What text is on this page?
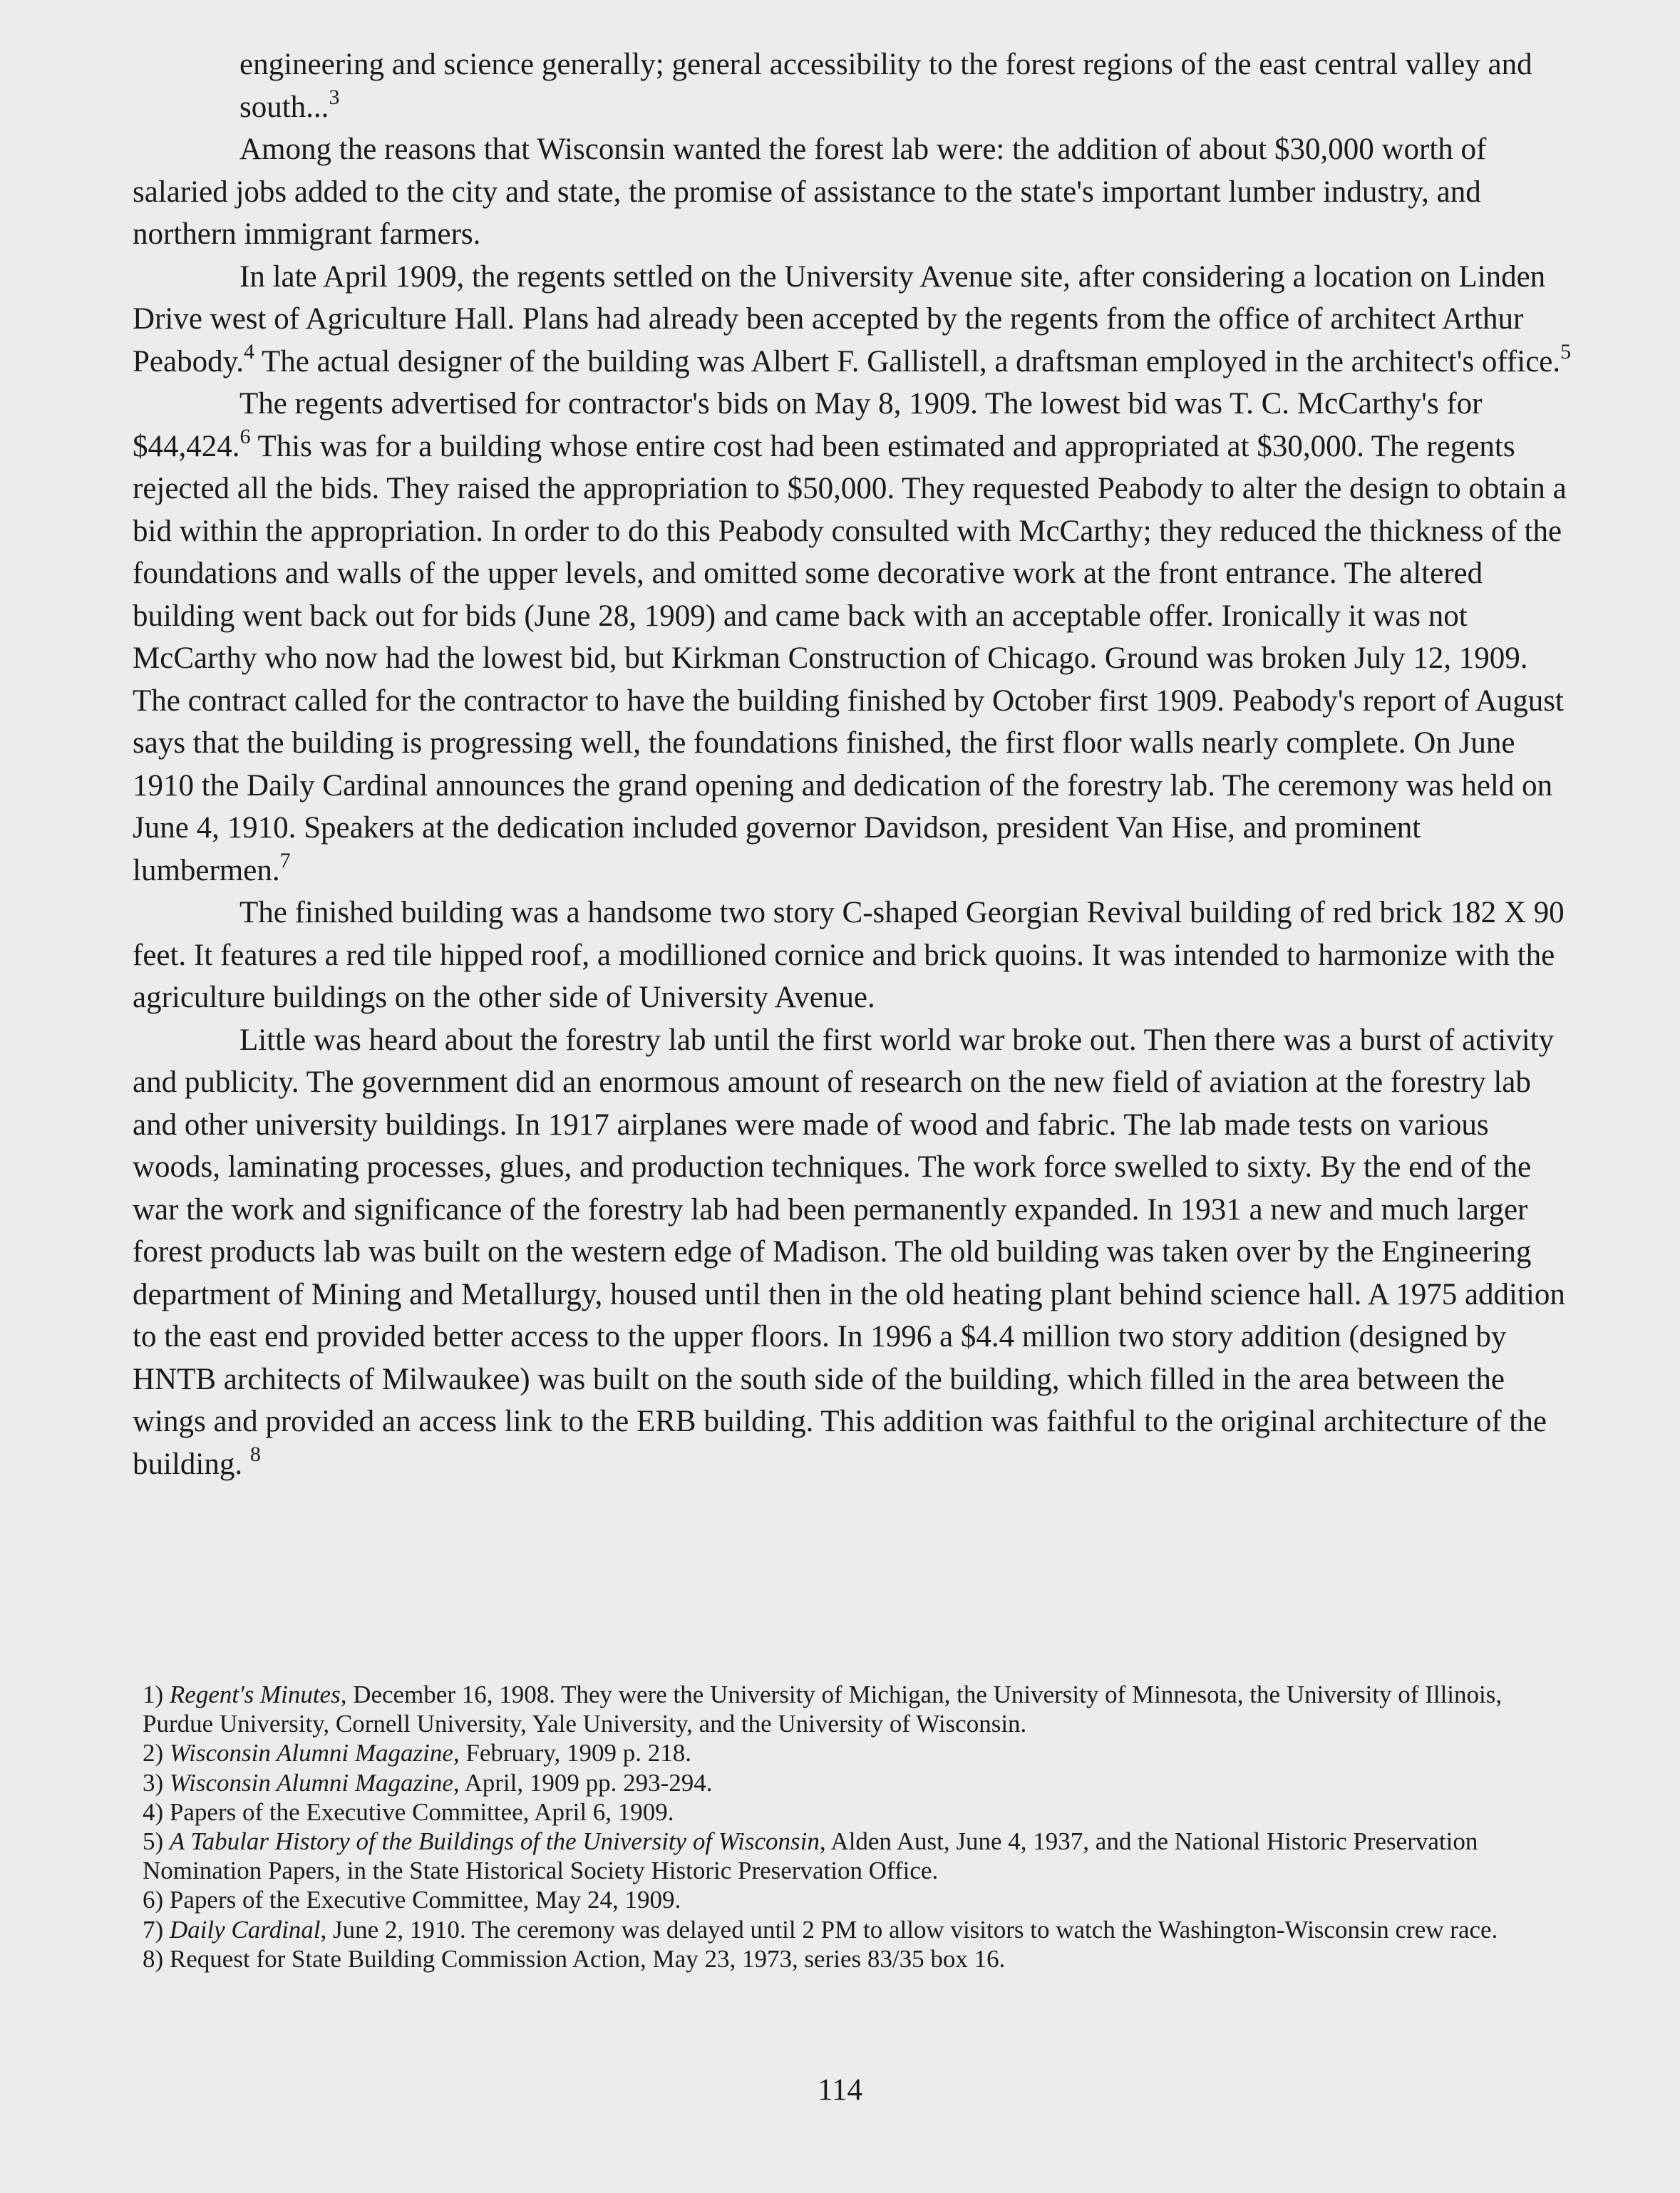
engineering and science generally; general accessibility to the forest regions of the east central valley and south...$^3$

Among the reasons that Wisconsin wanted the forest lab were: the addition of about $30,000 worth of salaried jobs added to the city and state, the promise of assistance to the state's important lumber industry, and northern immigrant farmers.

In late April 1909, the regents settled on the University Avenue site, after considering a location on Linden Drive west of Agriculture Hall. Plans had already been accepted by the regents from the office of architect Arthur Peabody.$^4$ The actual designer of the building was Albert F. Gallistell, a draftsman employed in the architect's office.$^5$

The regents advertised for contractor's bids on May 8, 1909. The lowest bid was T. C. McCarthy's for $44,424.$^6$ This was for a building whose entire cost had been estimated and appropriated at $30,000. The regents rejected all the bids. They raised the appropriation to $50,000. They requested Peabody to alter the design to obtain a bid within the appropriation. In order to do this Peabody consulted with McCarthy; they reduced the thickness of the foundations and walls of the upper levels, and omitted some decorative work at the front entrance. The altered building went back out for bids (June 28, 1909) and came back with an acceptable offer. Ironically it was not McCarthy who now had the lowest bid, but Kirkman Construction of Chicago. Ground was broken July 12, 1909. The contract called for the contractor to have the building finished by October first 1909. Peabody's report of August says that the building is progressing well, the foundations finished, the first floor walls nearly complete. On June 1910 the Daily Cardinal announces the grand opening and dedication of the forestry lab. The ceremony was held on June 4, 1910. Speakers at the dedication included governor Davidson, president Van Hise, and prominent lumbermen.$^7$

The finished building was a handsome two story C-shaped Georgian Revival building of red brick 182 X 90 feet. It features a red tile hipped roof, a modillioned cornice and brick quoins. It was intended to harmonize with the agriculture buildings on the other side of University Avenue.

Little was heard about the forestry lab until the first world war broke out. Then there was a burst of activity and publicity. The government did an enormous amount of research on the new field of aviation at the forestry lab and other university buildings. In 1917 airplanes were made of wood and fabric. The lab made tests on various woods, laminating processes, glues, and production techniques. The work force swelled to sixty. By the end of the war the work and significance of the forestry lab had been permanently expanded. In 1931 a new and much larger forest products lab was built on the western edge of Madison. The old building was taken over by the Engineering department of Mining and Metallurgy, housed until then in the old heating plant behind science hall. A 1975 addition to the east end provided better access to the upper floors. In 1996 a $4.4 million two story addition (designed by HNTB architects of Milwaukee) was built on the south side of the building, which filled in the area between the wings and provided an access link to the ERB building. This addition was faithful to the original architecture of the building. $^8$

1) Regent's Minutes, December 16, 1908. They were the University of Michigan, the University of Minnesota, the University of Illinois, Purdue University, Cornell University, Yale University, and the University of Wisconsin.

2) Wisconsin Alumni Magazine, February, 1909 p. 218.

3) Wisconsin Alumni Magazine, April, 1909 pp. 293-294.

4) Papers of the Executive Committee, April 6, 1909.

5) A Tabular History of the Buildings of the University of Wisconsin, Alden Aust, June 4, 1937, and the National Historic Preservation Nomination Papers, in the State Historical Society Historic Preservation Office.

6) Papers of the Executive Committee, May 24, 1909.

7) Daily Cardinal, June 2, 1910. The ceremony was delayed until 2 PM to allow visitors to watch the Washington-Wisconsin crew race.

8) Request for State Building Commission Action, May 23, 1973, series 83/35 box 16.

114
